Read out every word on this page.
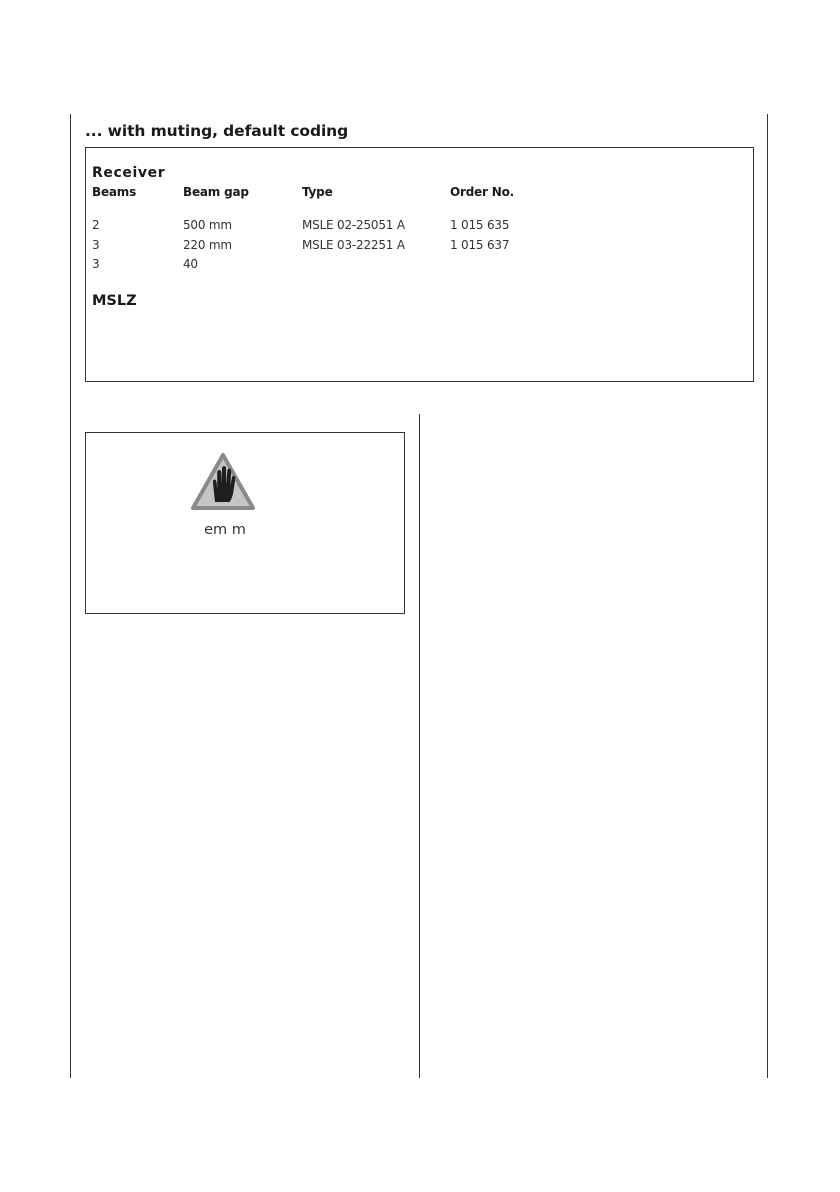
... with muting, default coding
Receiver
Beams	Beam gap	Type	Order No.
2	500 mm	MSLE 02-25051 A	1 015 635
3	220 mm	MSLE 03-22251 A	1 015 637
3	40
MSLZ
em m
